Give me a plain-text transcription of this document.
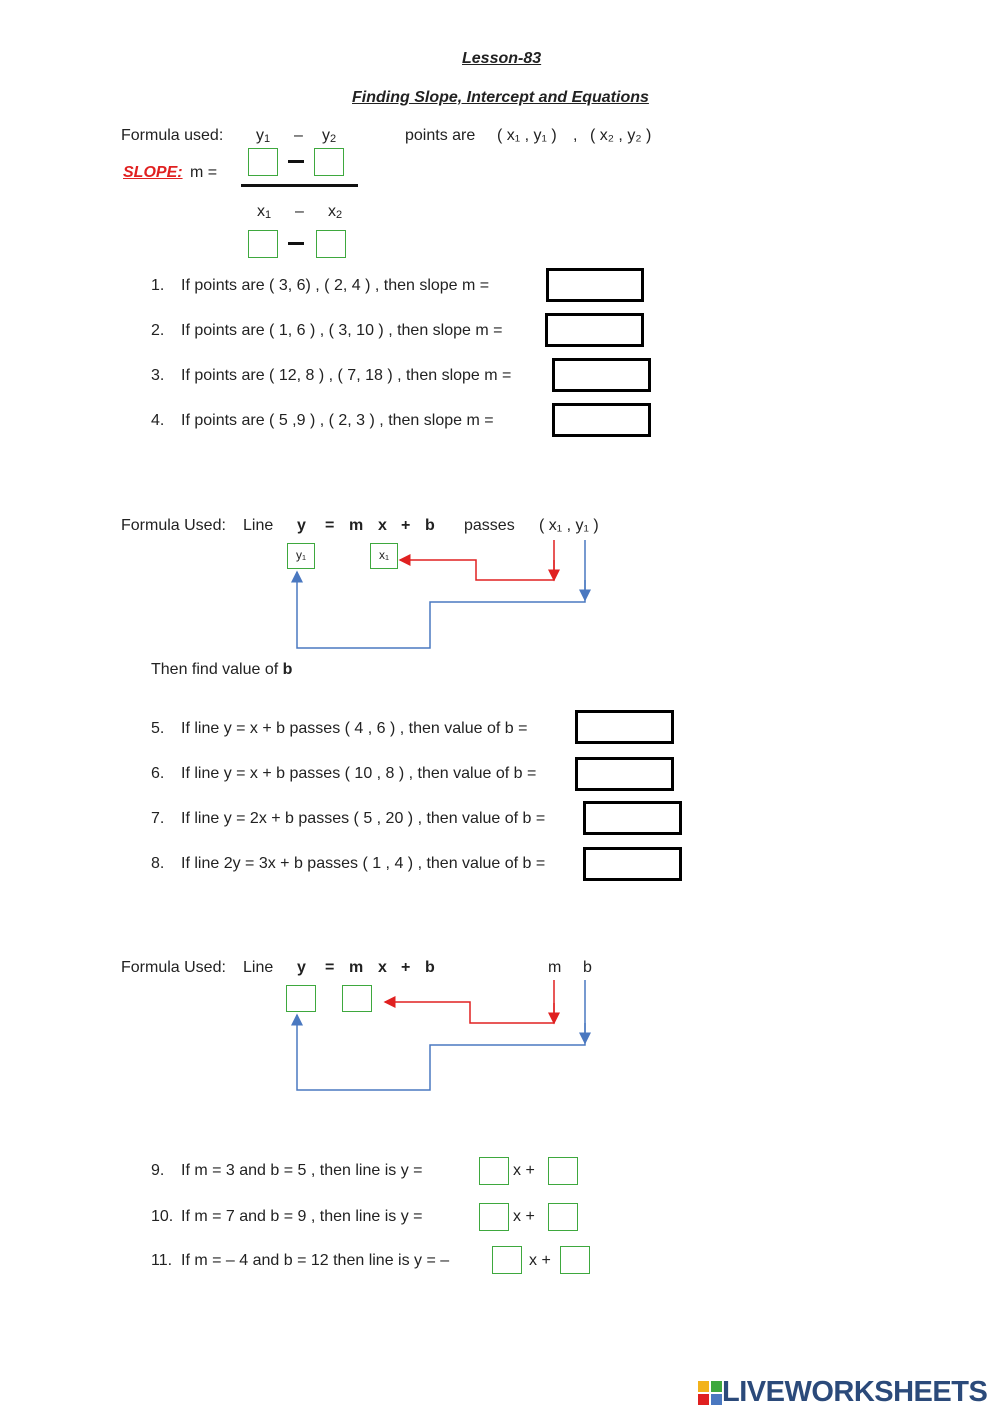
Lesson-83
Finding Slope, Intercept and Equations
Formula used: y1 – y2	points are ( x₁ , y₁ ) , ( x₂ , y₂ )
SLOPE: m =
x1 – x2
1. If points are ( 3, 6) , ( 2, 4 ) , then slope m =
2. If points are ( 1, 6 ) , ( 3, 10 ) , then slope m =
3. If points are ( 12, 8 ) , ( 7, 18 ) , then slope m =
4. If points are ( 5 ,9 ) , ( 2, 3 ) , then slope m =
Formula Used: Line y = m x + b passes ( x₁ , y₁ )
y₁	x₁
Then find value of b
5. If line y = x + b passes ( 4 , 6 ) , then value of b =
6. If line y = x + b passes ( 10 , 8 ) , then value of b =
7. If line y = 2x + b passes ( 5 , 20 ) , then value of b =
8. If line 2y = 3x + b passes ( 1 , 4 ) , then value of b =
Formula Used: Line y = m x + b	m b
9. If m = 3 and b = 5 , then line is y =	x +
10. If m = 7 and b = 9 , then line is y =	x +
11. If m = – 4 and b = 12 then line is y = –	x +
LIVEWORKSHEETS
